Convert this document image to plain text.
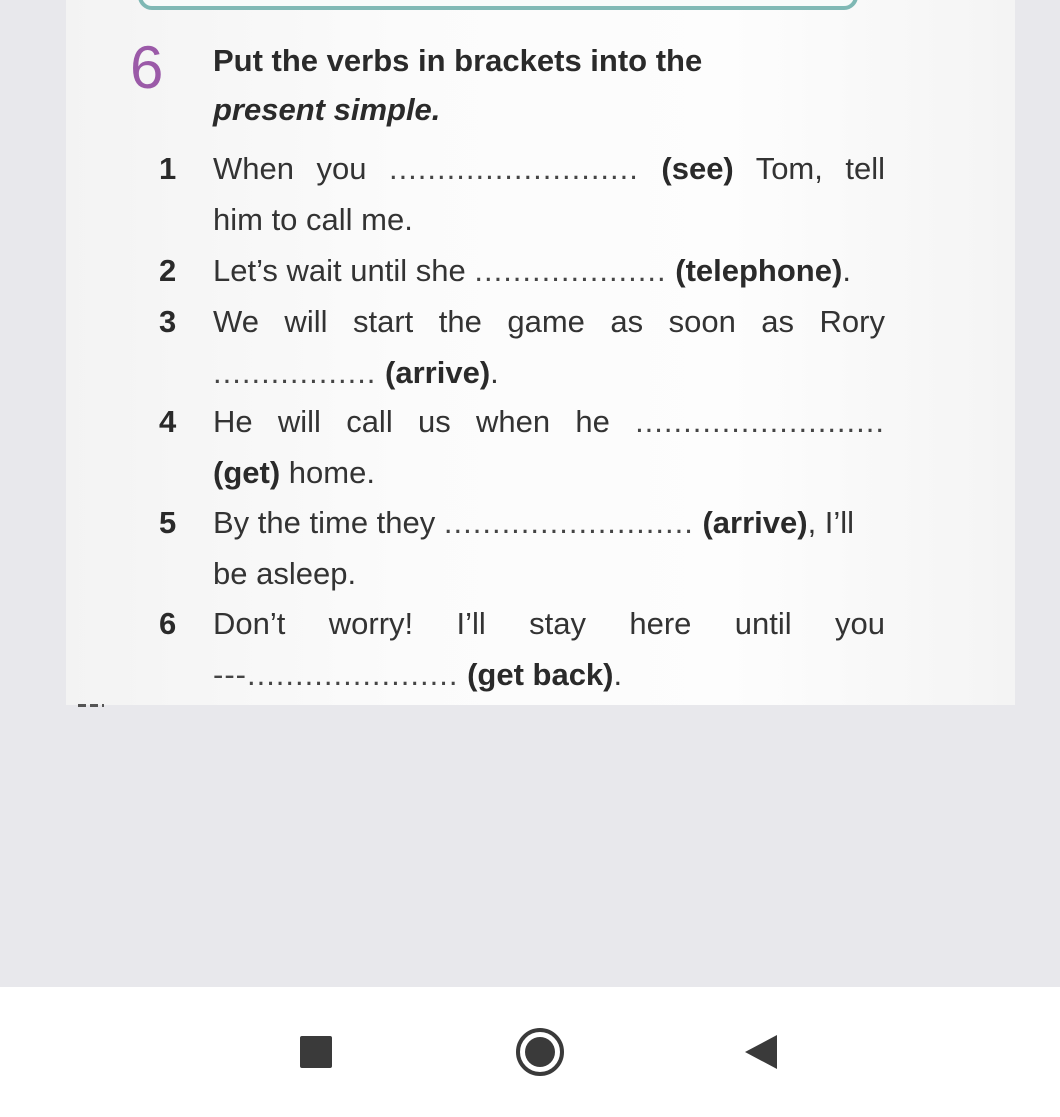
6 Put the verbs in brackets into the
present simple.
1	When you .......................... (see) Tom, tell
him to call me.
2	Let’s wait until she .................... (telephone).
3	We will start the game as soon as Rory
................. (arrive).
4	He will call us when he ..........................
(get) home.
5	By the time they .......................... (arrive), I’ll
be asleep.
6	Don’t worry! I’ll stay here until you
---...................... (get back).
